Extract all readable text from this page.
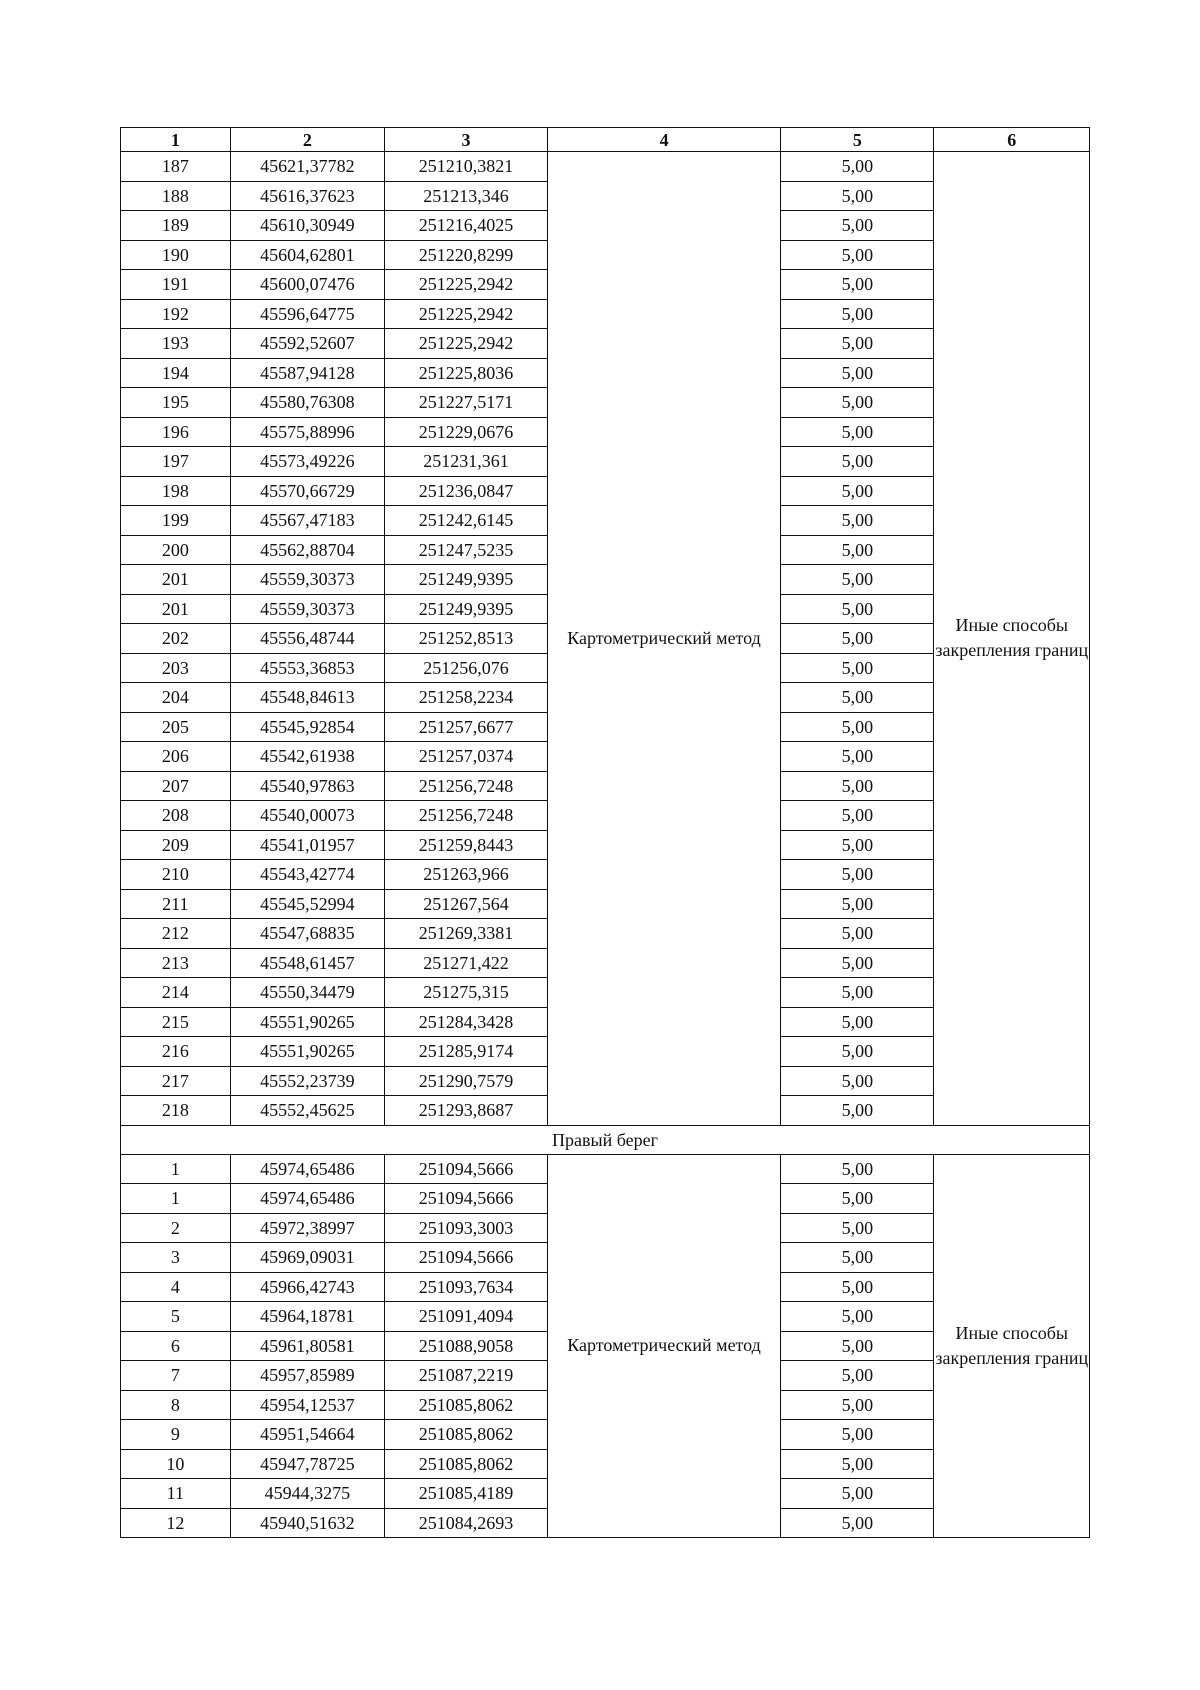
1	2	3	4	5	6
187	45621,37782	251210,3821	Картометрический метод	5,00	Иные способы закрепления границ
188	45616,37623	251213,346		5,00	
189	45610,30949	251216,4025		5,00	
190	45604,62801	251220,8299		5,00	
191	45600,07476	251225,2942		5,00	
192	45596,64775	251225,2942		5,00	
193	45592,52607	251225,2942		5,00	
194	45587,94128	251225,8036		5,00	
195	45580,76308	251227,5171		5,00	
196	45575,88996	251229,0676		5,00	
197	45573,49226	251231,361		5,00	
198	45570,66729	251236,0847		5,00	
199	45567,47183	251242,6145		5,00	
200	45562,88704	251247,5235		5,00	
201	45559,30373	251249,9395		5,00	
201	45559,30373	251249,9395		5,00	
202	45556,48744	251252,8513		5,00	
203	45553,36853	251256,076		5,00	
204	45548,84613	251258,2234		5,00	
205	45545,92854	251257,6677		5,00	
206	45542,61938	251257,0374		5,00	
207	45540,97863	251256,7248		5,00	
208	45540,00073	251256,7248		5,00	
209	45541,01957	251259,8443		5,00	
210	45543,42774	251263,966		5,00	
211	45545,52994	251267,564		5,00	
212	45547,68835	251269,3381		5,00	
213	45548,61457	251271,422		5,00	
214	45550,34479	251275,315		5,00	
215	45551,90265	251284,3428		5,00	
216	45551,90265	251285,9174		5,00	
217	45552,23739	251290,7579		5,00	
218	45552,45625	251293,8687		5,00	
Правый берег					
1	45974,65486	251094,5666	Картометрический метод	5,00	Иные способы закрепления границ
1	45974,65486	251094,5666		5,00	
2	45972,38997	251093,3003		5,00	
3	45969,09031	251094,5666		5,00	
4	45966,42743	251093,7634		5,00	
5	45964,18781	251091,4094		5,00	
6	45961,80581	251088,9058		5,00	
7	45957,85989	251087,2219		5,00	
8	45954,12537	251085,8062		5,00	
9	45951,54664	251085,8062		5,00	
10	45947,78725	251085,8062		5,00	
11	45944,3275	251085,4189		5,00	
12	45940,51632	251084,2693		5,00	
